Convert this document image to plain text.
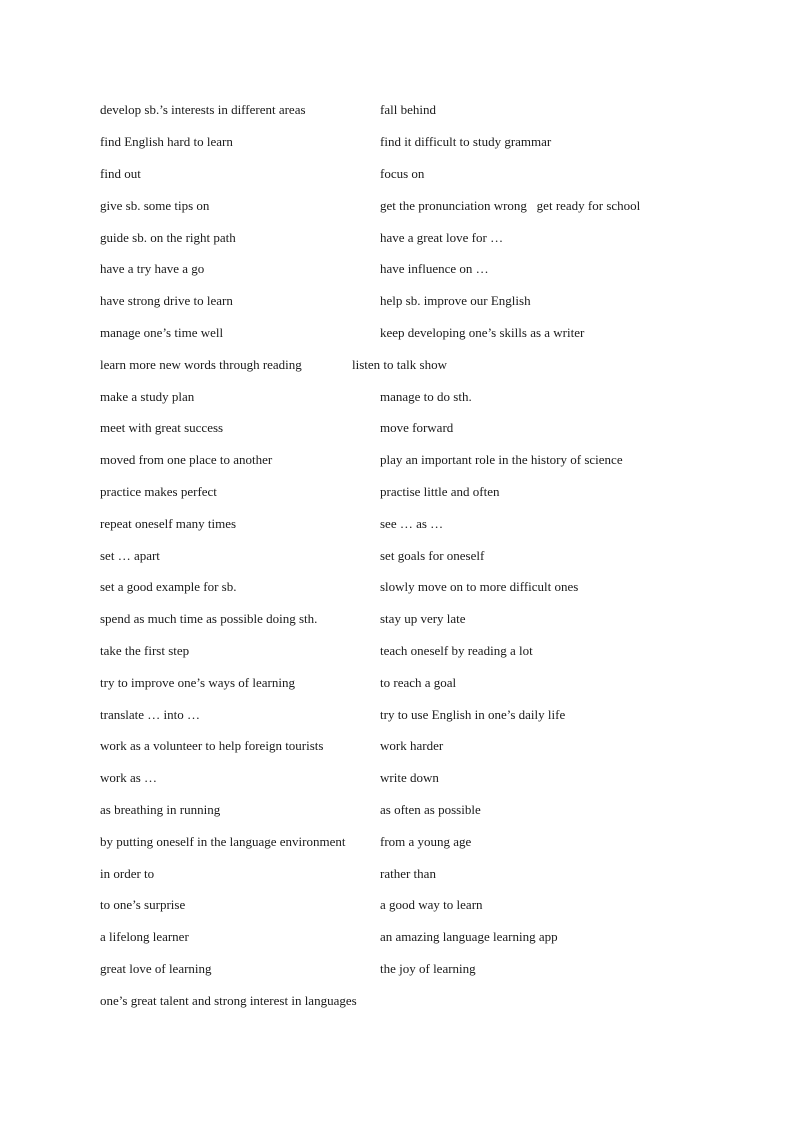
develop sb.’s interests in different areas	fall behind
find English hard to learn	find it difficult to study grammar
find out	focus on
give sb. some tips on	get the pronunciation wrong   get ready for school
guide sb. on the right path	have a great love for …
have a try have a go	have influence on …
have strong drive to learn	help sb. improve our English
manage one’s time well	keep developing one’s skills as a writer
learn more new words through reading	listen to talk show
make a study plan	manage to do sth.
meet with great success	move forward
moved from one place to another	play an important role in the history of science
practice makes perfect	practise little and often
repeat oneself many times	see … as …
set … apart	set goals for oneself
set a good example for sb.	slowly move on to more difficult ones
spend as much time as possible doing sth.	stay up very late
take the first step	teach oneself by reading a lot
try to improve one’s ways of learning	to reach a goal
translate … into …	try to use English in one’s daily life
work as a volunteer to help foreign tourists	work harder
work as …	write down
as breathing in running	as often as possible
by putting oneself in the language environment	from a young age
in order to	rather than
to one’s surprise	a good way to learn
a lifelong learner	an amazing language learning app
great love of learning	the joy of learning
one’s great talent and strong interest in languages
